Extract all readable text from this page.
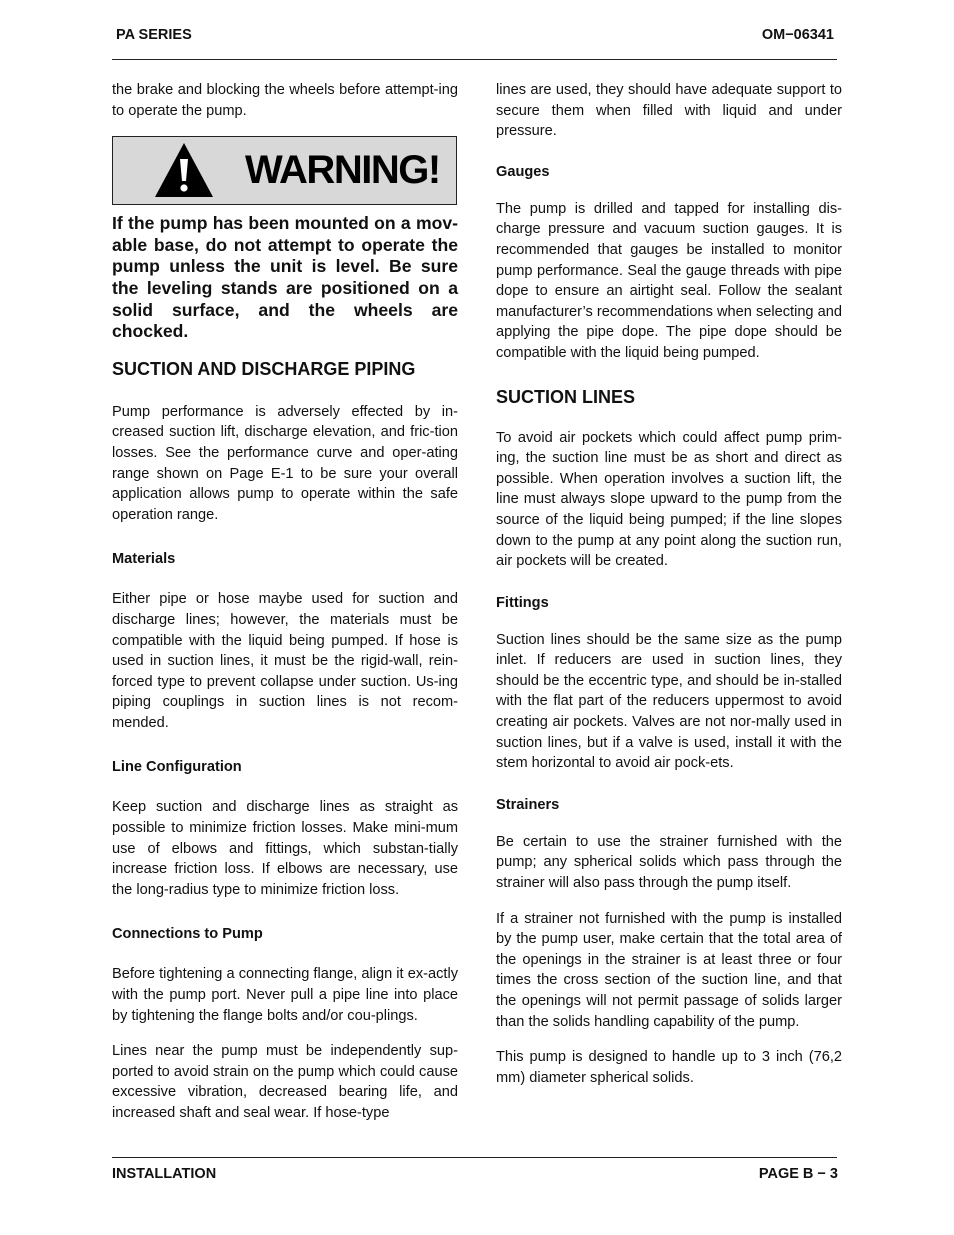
PA SERIES	OM−06341

the brake and blocking the wheels before attempt-ing to operate the pump.

WARNING!

If the pump has been mounted on a mov-able base, do not attempt to operate the pump unless the unit is level. Be sure the leveling stands are positioned on a solid surface, and the wheels are chocked.

SUCTION AND DISCHARGE PIPING

Pump performance is adversely effected by in-creased suction lift, discharge elevation, and fric-tion losses. See the performance curve and oper-ating range shown on Page E-1 to be sure your overall application allows pump to operate within the safe operation range.

Materials

Either pipe or hose maybe used for suction and discharge lines; however, the materials must be compatible with the liquid being pumped. If hose is used in suction lines, it must be the rigid-wall, rein-forced type to prevent collapse under suction. Us-ing piping couplings in suction lines is not recom-mended.

Line Configuration

Keep suction and discharge lines as straight as possible to minimize friction losses. Make mini-mum use of elbows and fittings, which substan-tially increase friction loss. If elbows are necessary, use the long-radius type to minimize friction loss.

Connections to Pump

Before tightening a connecting flange, align it ex-actly with the pump port. Never pull a pipe line into place by tightening the flange bolts and/or cou-plings.

Lines near the pump must be independently sup-ported to avoid strain on the pump which could cause excessive vibration, decreased bearing life, and increased shaft and seal wear. If hose-type

lines are used, they should have adequate support to secure them when filled with liquid and under pressure.

Gauges

The pump is drilled and tapped for installing dis-charge pressure and vacuum suction gauges. It is recommended that gauges be installed to monitor pump performance. Seal the gauge threads with pipe dope to ensure an airtight seal. Follow the sealant manufacturer’s recommendations when selecting and applying the pipe dope. The pipe dope should be compatible with the liquid being pumped.

SUCTION LINES

To avoid air pockets which could affect pump prim-ing, the suction line must be as short and direct as possible. When operation involves a suction lift, the line must always slope upward to the pump from the source of the liquid being pumped; if the line slopes down to the pump at any point along the suction run, air pockets will be created.

Fittings

Suction lines should be the same size as the pump inlet. If reducers are used in suction lines, they should be the eccentric type, and should be in-stalled with the flat part of the reducers uppermost to avoid creating air pockets. Valves are not nor-mally used in suction lines, but if a valve is used, install it with the stem horizontal to avoid air pock-ets.

Strainers

Be certain to use the strainer furnished with the pump; any spherical solids which pass through the strainer will also pass through the pump itself.

If a strainer not furnished with the pump is installed by the pump user, make certain that the total area of the openings in the strainer is at least three or four times the cross section of the suction line, and that the openings will not permit passage of solids larger than the solids handling capability of the pump.

This pump is designed to handle up to 3 inch (76,2 mm) diameter spherical solids.

INSTALLATION	PAGE B − 3
